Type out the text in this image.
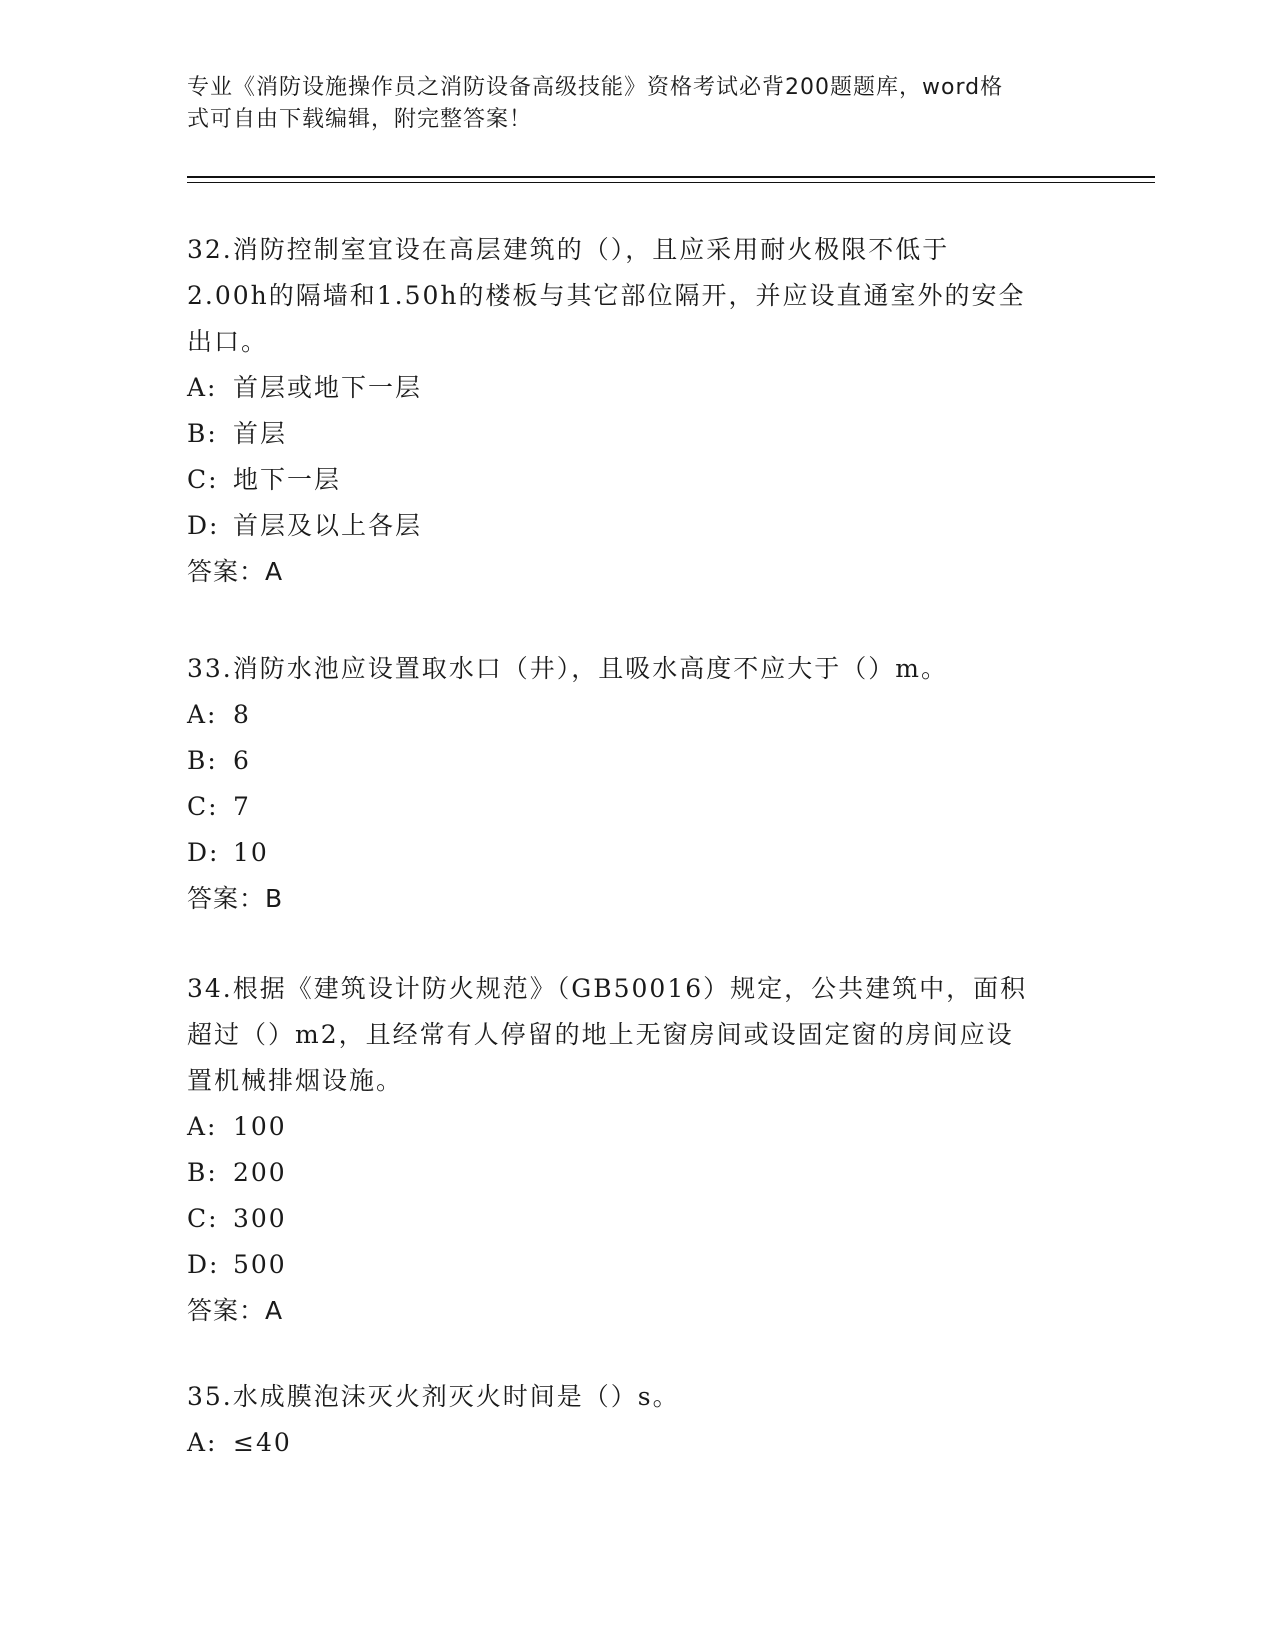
专业《消防设施操作员之消防设备高级技能》资格考试必背200题题库，word格
式可自由下载编辑，附完整答案！

32.消防控制室宜设在高层建筑的（），且应采用耐火极限不低于

2.00h的隔墙和1.50h的楼板与其它部位隔开，并应设直通室外的安全

出口。

A: 首层或地下一层
B: 首层
C: 地下一层
D: 首层及以上各层

答案：A

33.消防水池应设置取水口（井），且吸水高度不应大于（）m。

A: 8
B: 6
C: 7
D: 10

答案：B

34.根据《建筑设计防火规范》（GB50016）规定，公共建筑中，面积

超过（）m2，且经常有人停留的地上无窗房间或设固定窗的房间应设

置机械排烟设施。

A: 100
B: 200
C: 300
D: 500

答案：A

35.水成膜泡沫灭火剂灭火时间是（）s。

A: ≤40
